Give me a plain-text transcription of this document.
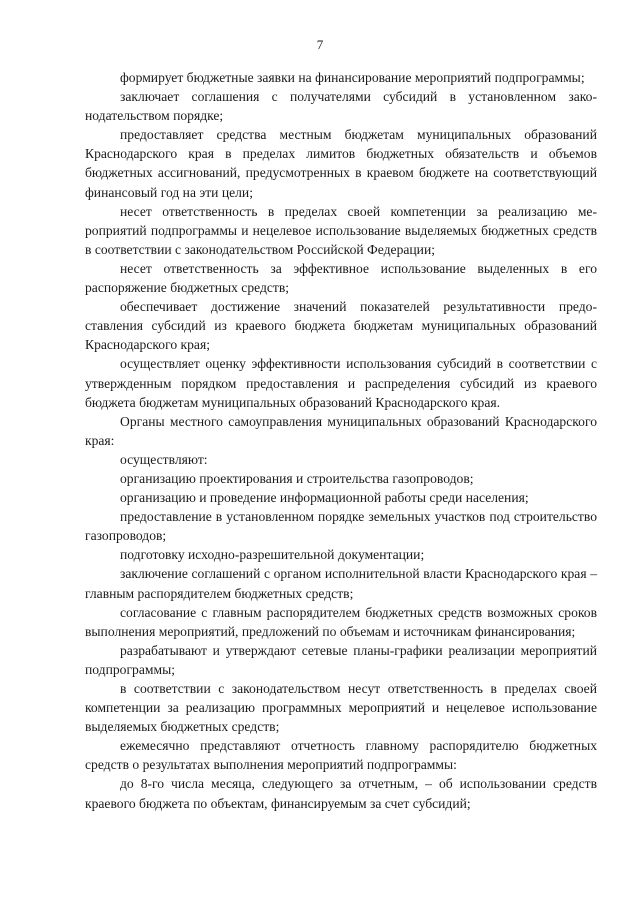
7

формирует бюджетные заявки на финансирование мероприятий подпрограммы;

заключает соглашения с получателями субсидий в установленном законодательством порядке;

предоставляет средства местным бюджетам муниципальных образований Краснодарского края в пределах лимитов бюджетных обязательств и объемов бюджетных ассигнований, предусмотренных в краевом бюджете на соответствующий финансовый год на эти цели;

несет ответственность в пределах своей компетенции за реализацию мероприятий подпрограммы и нецелевое использование выделяемых бюджетных средств в соответствии с законодательством Российской Федерации;

несет ответственность за эффективное использование выделенных в его распоряжение бюджетных средств;

обеспечивает достижение значений показателей результативности предоставления субсидий из краевого бюджета бюджетам муниципальных образований Краснодарского края;

осуществляет оценку эффективности использования субсидий в соответствии с утвержденным порядком предоставления и распределения субсидий из краевого бюджета бюджетам муниципальных образований Краснодарского края.

Органы местного самоуправления муниципальных образований Краснодарского края:

осуществляют:

организацию проектирования и строительства газопроводов;

организацию и проведение информационной работы среди населения;

предоставление в установленном порядке земельных участков под строительство газопроводов;

подготовку исходно-разрешительной документации;

заключение соглашений с органом исполнительной власти Краснодарского края – главным распорядителем бюджетных средств;

согласование с главным распорядителем бюджетных средств возможных сроков выполнения мероприятий, предложений по объемам и источникам финансирования;

разрабатывают и утверждают сетевые планы-графики реализации мероприятий подпрограммы;

в соответствии с законодательством несут ответственность в пределах своей компетенции за реализацию программных мероприятий и нецелевое использование выделяемых бюджетных средств;

ежемесячно представляют отчетность главному распорядителю бюджетных средств о результатах выполнения мероприятий подпрограммы:

до 8-го числа месяца, следующего за отчетным, – об использовании средств краевого бюджета по объектам, финансируемым за счет субсидий;
